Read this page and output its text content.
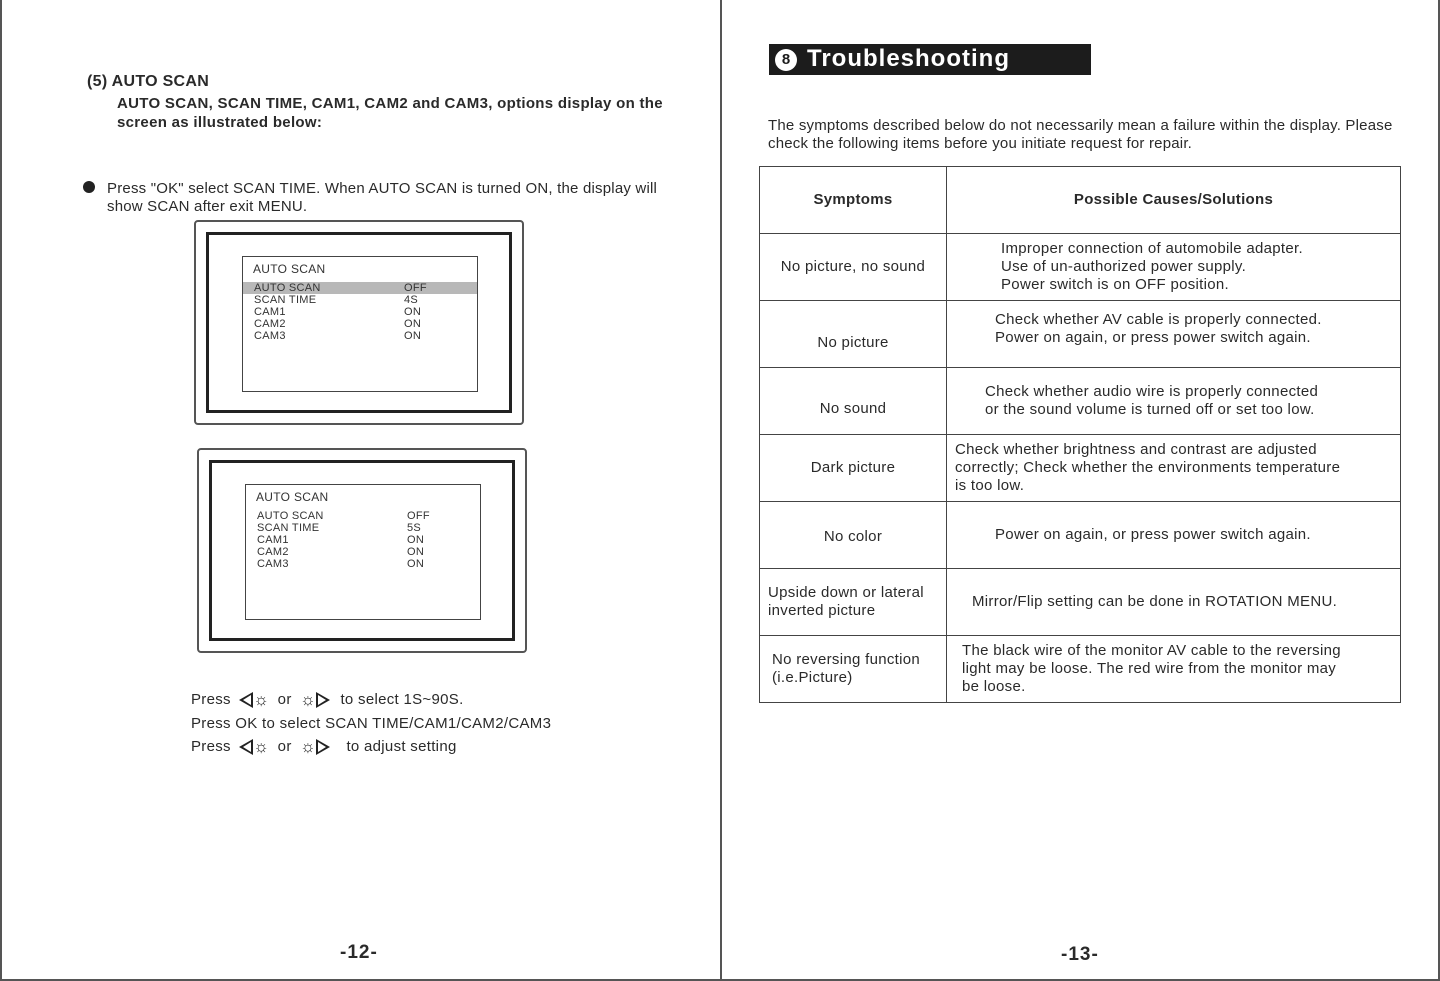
(5) AUTO SCAN
AUTO SCAN, SCAN TIME, CAM1, CAM2 and CAM3, options display on the screen as illustrated below:
Press "OK" select SCAN TIME. When AUTO SCAN is turned ON, the display will show SCAN after exit MENU.
AUTO SCAN
AUTO SCAN	OFF
SCAN TIME	4S
CAM1	ON
CAM2	ON
CAM3	ON
AUTO SCAN
AUTO SCAN	OFF
SCAN TIME	5S
CAM1	ON
CAM2	ON
CAM3	ON
Press ☼ or ☼ to select 1S~90S.
Press OK to select SCAN TIME/CAM1/CAM2/CAM3
Press ☼ or ☼ to adjust setting
-12-
8 Troubleshooting
The symptoms described below do not necessarily mean a failure within the display. Please check the following items before you initiate request for repair.
Symptoms	Possible Causes/Solutions
No picture, no sound	Improper connection of automobile adapter.
Use of un-authorized power supply.
Power switch is on OFF position.

No picture	Check whether AV cable is properly connected.
Power on again, or press power switch again.

No sound	Check whether audio wire is properly connected
or the sound volume is turned off or set too low.

Dark picture	Check whether brightness and contrast are adjusted
correctly; Check whether the environments temperature
is too low.

No color	Power on again, or press power switch again.

Upside down or lateral inverted picture	Mirror/Flip setting can be done in ROTATION MENU.

No reversing function (i.e.Picture)	The black wire of the monitor AV cable to the reversing
light may be loose. The red wire from the monitor may
be loose.
-13-
